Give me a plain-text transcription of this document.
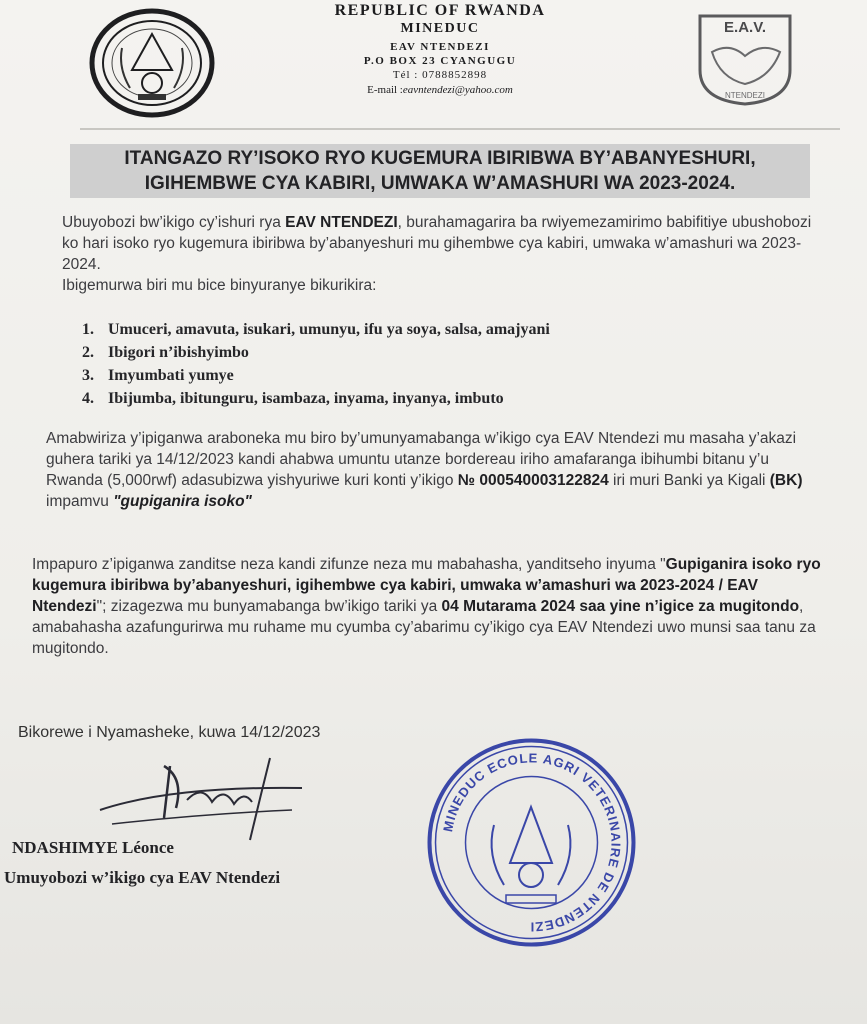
REPUBLIC OF RWANDA
MINEDUC
EAV NTENDEZI
P.O BOX 23 CYANGUGU
Tél : 0788852898
E-mail :eavntendezi@yahoo.com
E.A.V.
NTENDEZI
ITANGAZO RY’ISOKO RYO KUGEMURA IBIRIBWA BY’ABANYESHURI,
IGIHEMBWE CYA KABIRI, UMWAKA W’AMASHURI WA 2023-2024.
Ubuyobozi bw’ikigo cy’ishuri rya EAV NTENDEZI, burahamagarira ba rwiyemezamirimo babifitiye ubushobozi ko hari isoko ryo kugemura ibiribwa by’abanyeshuri mu gihembwe cya kabiri, umwaka w’amashuri wa 2023-2024.
Ibigemurwa biri mu bice binyuranye bikurikira:
1. Umuceri, amavuta, isukari, umunyu, ifu ya soya, salsa, amajyani
2. Ibigori n’ibishyimbo
3. Imyumbati yumye
4. Ibijumba, ibitunguru, isambaza, inyama, inyanya, imbuto
Amabwiriza y’ipiganwa araboneka mu biro by’umunyamabanga w’ikigo cya EAV Ntendezi mu masaha y’akazi guhera tariki ya 14/12/2023 kandi ahabwa umuntu utanze bordereau iriho amafaranga ibihumbi bitanu y’u Rwanda (5,000rwf) adasubizwa yishyuriwe kuri konti y’ikigo № 000540003122824 iri muri Banki ya Kigali (BK) impamvu "gupiganira isoko"
Impapuro z’ipiganwa zanditse neza kandi zifunze neza mu mabahasha, yanditseho inyuma "Gupiganira isoko ryo kugemura ibiribwa by’abanyeshuri, igihembwe cya kabiri, umwaka w’amashuri wa 2023-2024 / EAV Ntendezi"; zizagezwa mu bunyamabanga bw’ikigo tariki ya 04 Mutarama 2024 saa yine n’igice za mugitondo, amabahasha azafungurirwa mu ruhame mu cyumba cy’abarimu cy’ikigo cya EAV Ntendezi uwo munsi saa tanu za mugitondo.
Bikorewe i Nyamasheke, kuwa 14/12/2023
NDASHIMYE Léonce
Umuyobozi w’ikigo cya EAV Ntendezi
MINEDUC ECOLE AGRI VETERINAIRE DE NTENDEZI
